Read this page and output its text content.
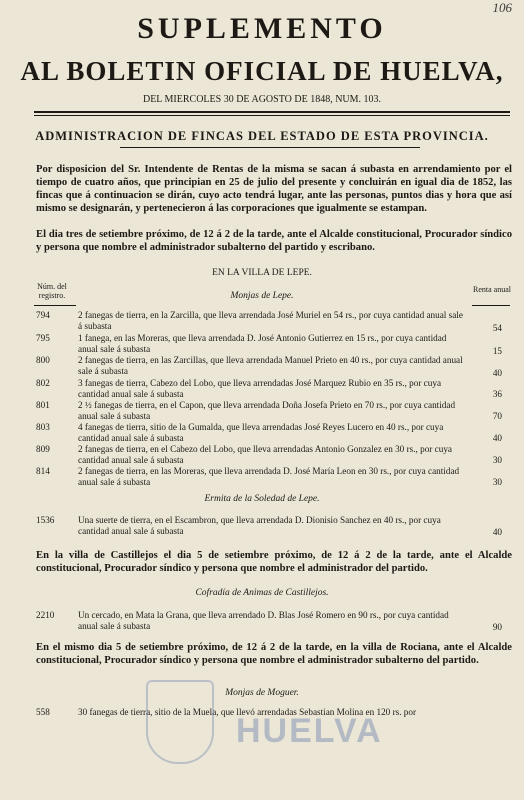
106
SUPLEMENTO
AL BOLETIN OFICIAL DE HUELVA,
DEL MIERCOLES 30 DE AGOSTO DE 1848, NUM. 103.
ADMINISTRACION DE FINCAS DEL ESTADO DE ESTA PROVINCIA.
Por disposicion del Sr. Intendente de Rentas de la misma se sacan á subasta en arrendamiento por el tiempo de cuatro años, que principian en 25 de julio del presente y concluirán en igual dia de 1852, las fincas que á continuacion se dirán, cuyo acto tendrá lugar, ante las personas, puntos dias y hora que así mismo se designarán, y pertenecieron á las corporaciones que igualmente se estampan.
El dia tres de setiembre próximo, de 12 á 2 de la tarde, ante el Alcalde constitucional, Procurador síndico y persona que nombre el administrador subalterno del partido y escribano.
EN LA VILLA DE LEPE.
Núm. del registro.
Renta anual
Monjas de Lepe.
794	2 fanegas de tierra, en la Zarcilla, que lleva arrendada José Muriel en 54 rs., por cuya cantidad anual sale á subasta	54
795	1 fanega, en las Moreras, que lleva arrendada D. José Antonio Gutierrez en 15 rs., por cuya cantidad anual sale á subasta	15
800	2 fanegas de tierra, en las Zarcillas, que lleva arrendada Manuel Prieto en 40 rs., por cuya cantidad anual sale á subasta	40
802	3 fanegas de tierra, Cabezo del Lobo, que lleva arrendadas José Marquez Rubio en 35 rs., por cuya cantidad anual sale á subasta	36
801	2 ½ fanegas de tierra, en el Capon, que lleva arrendada Doña Josefa Prieto en 70 rs., por cuya cantidad anual sale á subasta	70
803	4 fanegas de tierra, sitio de la Gumalda, que lleva arrendadas José Reyes Lucero en 40 rs., por cuya cantidad anual sale á subasta	40
809	2 fanegas de tierra, en el Cabezo del Lobo, que lleva arrendadas Antonio Gonzalez en 30 rs., por cuya cantidad anual sale á subasta	30
814	2 fanegas de tierra, en las Moreras, que lleva arrendada D. José María Leon en 30 rs., por cuya cantidad anual sale á subasta	30
Ermita de la Soledad de Lepe.
1536	Una suerte de tierra, en el Escambron, que lleva arrendada D. Dionisio Sanchez en 40 rs., por cuya cantidad anual sale á subasta	40
En la villa de Castillejos el dia 5 de setiembre próximo, de 12 á 2 de la tarde, ante el Alcalde constitucional, Procurador síndico y persona que nombre el administrador del partido.
Cofradía de Animas de Castillejos.
2210	Un cercado, en Mata la Grana, que lleva arrendado D. Blas José Romero en 90 rs., por cuya cantidad anual sale á subasta	90
En el mismo dia 5 de setiembre próximo, de 12 á 2 de la tarde, en la villa de Rociana, ante el Alcalde constitucional, Procurador síndico y persona que nombre el administrador subalterno del partido.
Monjas de Moguer.
558	30 fanegas de tierra, sitio de la Muela, que llevó arrendadas Sebastian Molina en 120 rs. por
HUELVA
